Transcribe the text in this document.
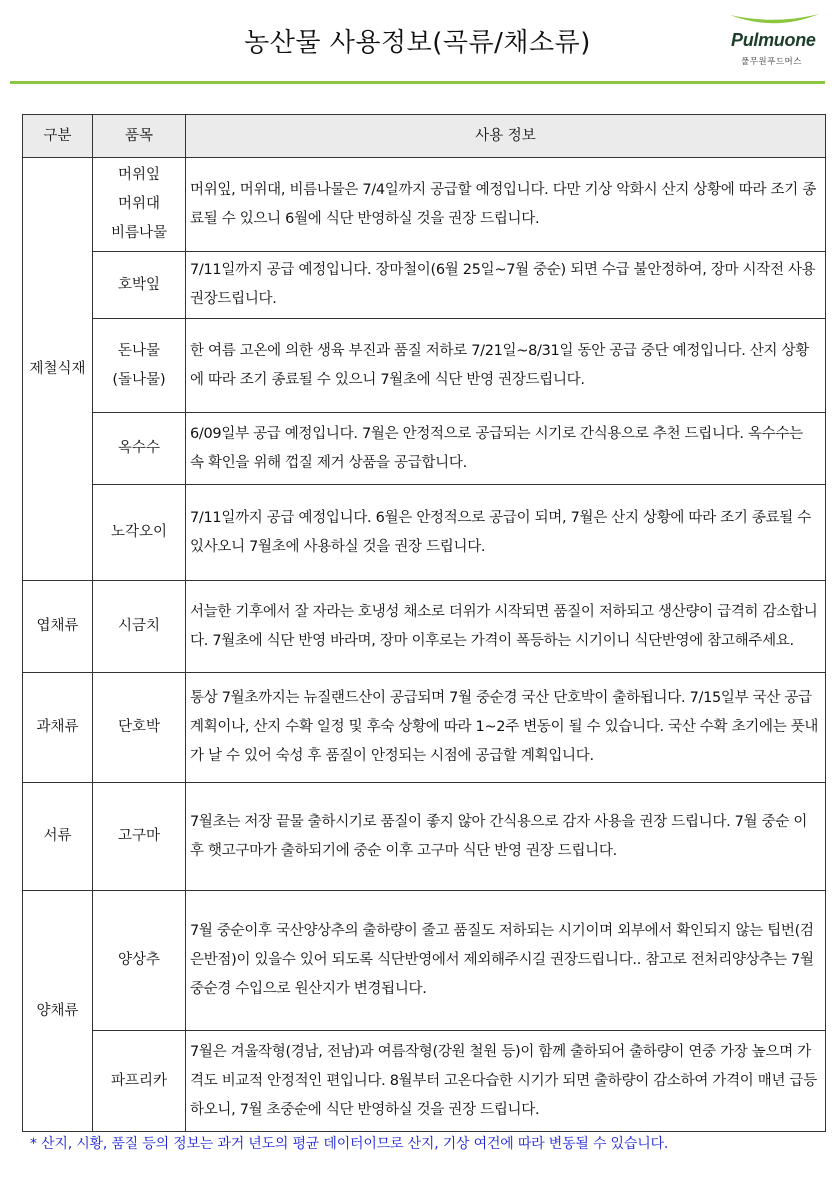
농산물 사용정보(곡류/채소류)	Pulmuone
풀무원푸드머스
구분	품목	사용 정보
제철식재	머위잎
머위대
비름나물	머위잎, 머위대, 비름나물은 7/4일까지 공급할 예정입니다. 다만 기상 악화시 산지 상황에 따라 조기 종료될 수 있으니 6월에 식단 반영하실 것을 권장 드립니다.

	호박잎	7/11일까지 공급 예정입니다. 장마철이(6월 25일~7월 중순) 되면 수급 불안정하여, 장마 시작전 사용 권장드립니다.

	돈나물
(돌나물)	한 여름 고온에 의한 생육 부진과 품질 저하로 7/21일~8/31일 동안 공급 중단 예정입니다. 산지 상황에 따라 조기 종료될 수 있으니 7월초에 식단 반영 권장드립니다.

	옥수수	6/09일부 공급 예정입니다. 7월은 안정적으로 공급되는 시기로 간식용으로 추천 드립니다. 옥수수는 속 확인을 위해 껍질 제거 상품을 공급합니다.

	노각오이	7/11일까지 공급 예정입니다. 6월은 안정적으로 공급이 되며, 7월은 산지 상황에 따라 조기 종료될 수 있사오니 7월초에 사용하실 것을 권장 드립니다.
엽채류	시금치	서늘한 기후에서 잘 자라는 호냉성 채소로 더위가 시작되면 품질이 저하되고 생산량이 급격히 감소합니다. 7월초에 식단 반영 바라며, 장마 이후로는 가격이 폭등하는 시기이니 식단반영에 참고해주세요.
과채류	단호박	통상 7월초까지는 뉴질랜드산이 공급되며 7월 중순경 국산 단호박이 출하됩니다. 7/15일부 국산 공급 계획이나, 산지 수확 일정 및 후숙 상황에 따라 1~2주 변동이 될 수 있습니다. 국산 수확 초기에는 풋내가 날 수 있어 숙성 후 품질이 안정되는 시점에 공급할 계획입니다.
서류	고구마	7월초는 저장 끝물 출하시기로 품질이 좋지 않아 간식용으로 감자 사용을 권장 드립니다. 7월 중순 이후 햇고구마가 출하되기에 중순 이후 고구마 식단 반영 권장 드립니다.
양채류	양상추	7월 중순이후 국산양상추의 출하량이 줄고 품질도 저하되는 시기이며 외부에서 확인되지 않는 팁번(검은반점)이 있을수 있어 되도록 식단반영에서 제외해주시길 권장드립니다.. 참고로 전처리양상추는 7월 중순경 수입으로 원산지가 변경됩니다.

	파프리카	7월은 겨울작형(경남, 전남)과 여름작형(강원 철원 등)이 함께 출하되어 출하량이 연중 가장 높으며 가격도 비교적 안정적인 편입니다. 8월부터 고온다습한 시기가 되면 출하량이 감소하여 가격이 매년 급등 하오니, 7월 초중순에 식단 반영하실 것을 권장 드립니다.
* 산지, 시황, 품질 등의 정보는 과거 년도의 평균 데이터이므로 산지, 기상 여건에 따라 변동될 수 있습니다.
